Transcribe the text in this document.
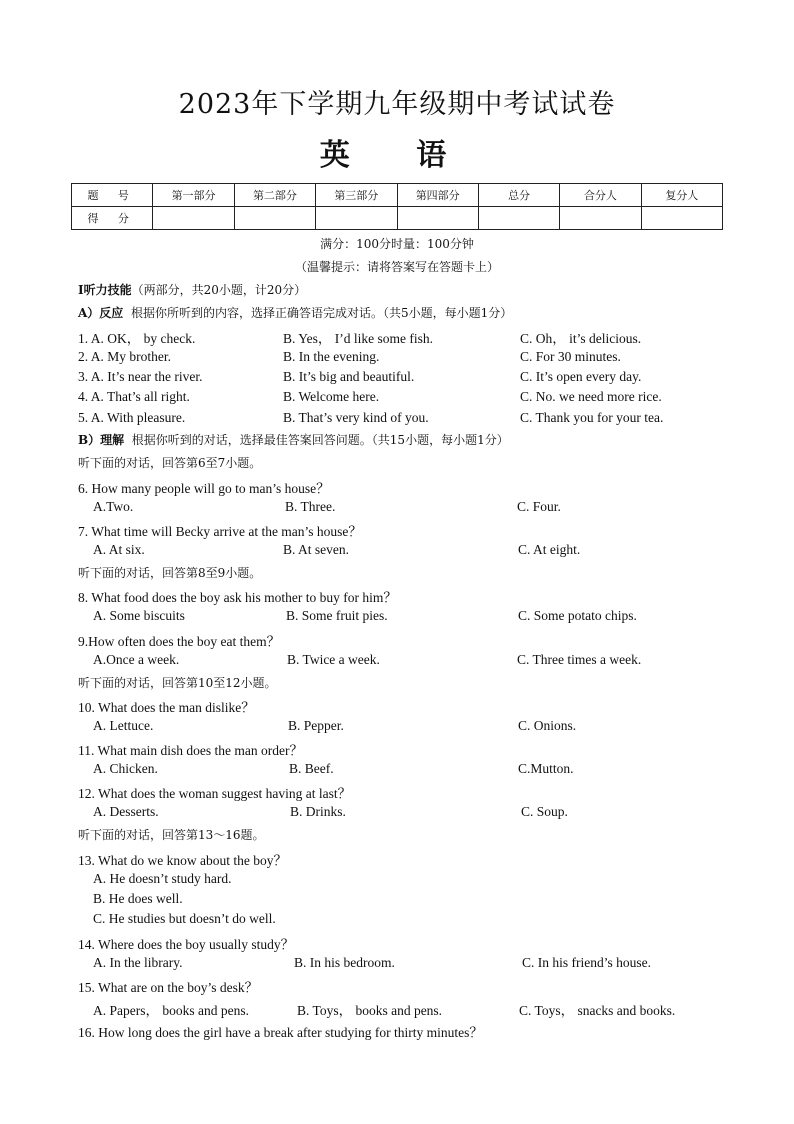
2023年下学期九年级期中考试试卷
英 语
题 号	第一部分	第二部分	第三部分	第四部分	总分	合分人	复分人
得 分							
满分：100分时量：100分钟
（温馨提示：请将答案写在答题卡上）
I听力技能（两部分，共20小题，计20分）
A）反应 根据你所听到的内容，选择正确答语完成对话。（共5小题，每小题1分）
1. A. OK， by check.	B. Yes， I’d like some fish.	C. Oh， it’s delicious.
2. A. My brother.	B. In the evening.	C. For 30 minutes.
3. A. It’s near the river.	B. It’s big and beautiful.	C. It’s open every day.
4. A. That’s all right.	B. Welcome here.	C. No. we need more rice.
5. A. With pleasure.	B. That’s very kind of you.	C. Thank you for your tea.
B）理解 根据你听到的对话，选择最佳答案回答问题。（共15小题，每小题1分）
听下面的对话，回答第6至7小题。
6. How many people will go to man’s house？
A.Two.	B. Three.	C. Four.
7. What time will Becky arrive at the man’s house？
A. At six.	B. At seven.	C. At eight.
听下面的对话，回答第8至9小题。
8. What food does the boy ask his mother to buy for him？
A. Some biscuits	B. Some fruit pies.	C. Some potato chips.
9.How often does the boy eat them？
A.Once a week.	B. Twice a week.	C. Three times a week.
听下面的对话，回答第10至12小题。
10. What does the man dislike？
A. Lettuce.	B. Pepper.	C. Onions.
11. What main dish does the man order？
A. Chicken.	B. Beef.	C.Mutton.
12. What does the woman suggest having at last？
A. Desserts.	B. Drinks.	C. Soup.
听下面的对话，回答第13～16题。
13. What do we know about the boy？
A. He doesn’t study hard.
B. He does well.
C. He studies but doesn’t do well.
14. Where does the boy usually study？
A. In the library.	B. In his bedroom.	C. In his friend’s house.
15. What are on the boy’s desk？
A. Papers， books and pens.	B. Toys， books and pens.	C. Toys， snacks and books.
16. How long does the girl have a break after studying for thirty minutes？
